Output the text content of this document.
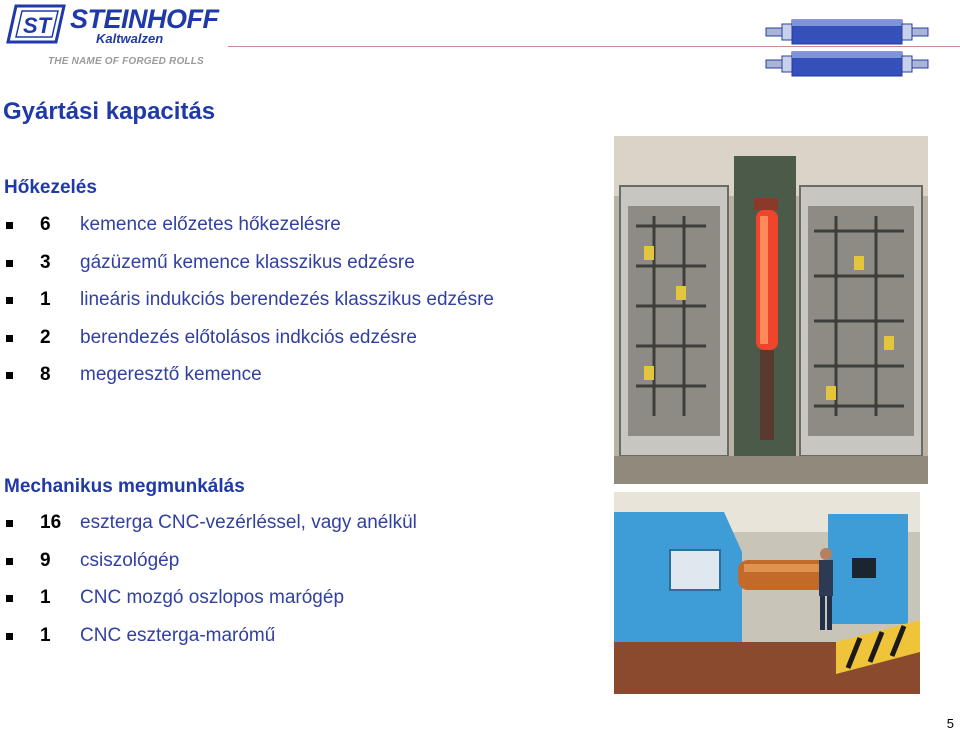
ST STEINHOFF
Kaltwalzen
THE NAME OF FORGED ROLLS
Gyártási kapacitás
Hőkezelés
6	kemence előzetes hőkezelésre
3	gázüzemű kemence klasszikus edzésre
1	lineáris indukciós berendezés klasszikus edzésre
2	berendezés előtolásos indkciós edzésre
8	megeresztő kemence
Mechanikus megmunkálás
16 eszterga CNC-vezérléssel, vagy anélkül
9	csiszológép
1	CNC mozgó oszlopos marógép
1	CNC eszterga-marómű
5
